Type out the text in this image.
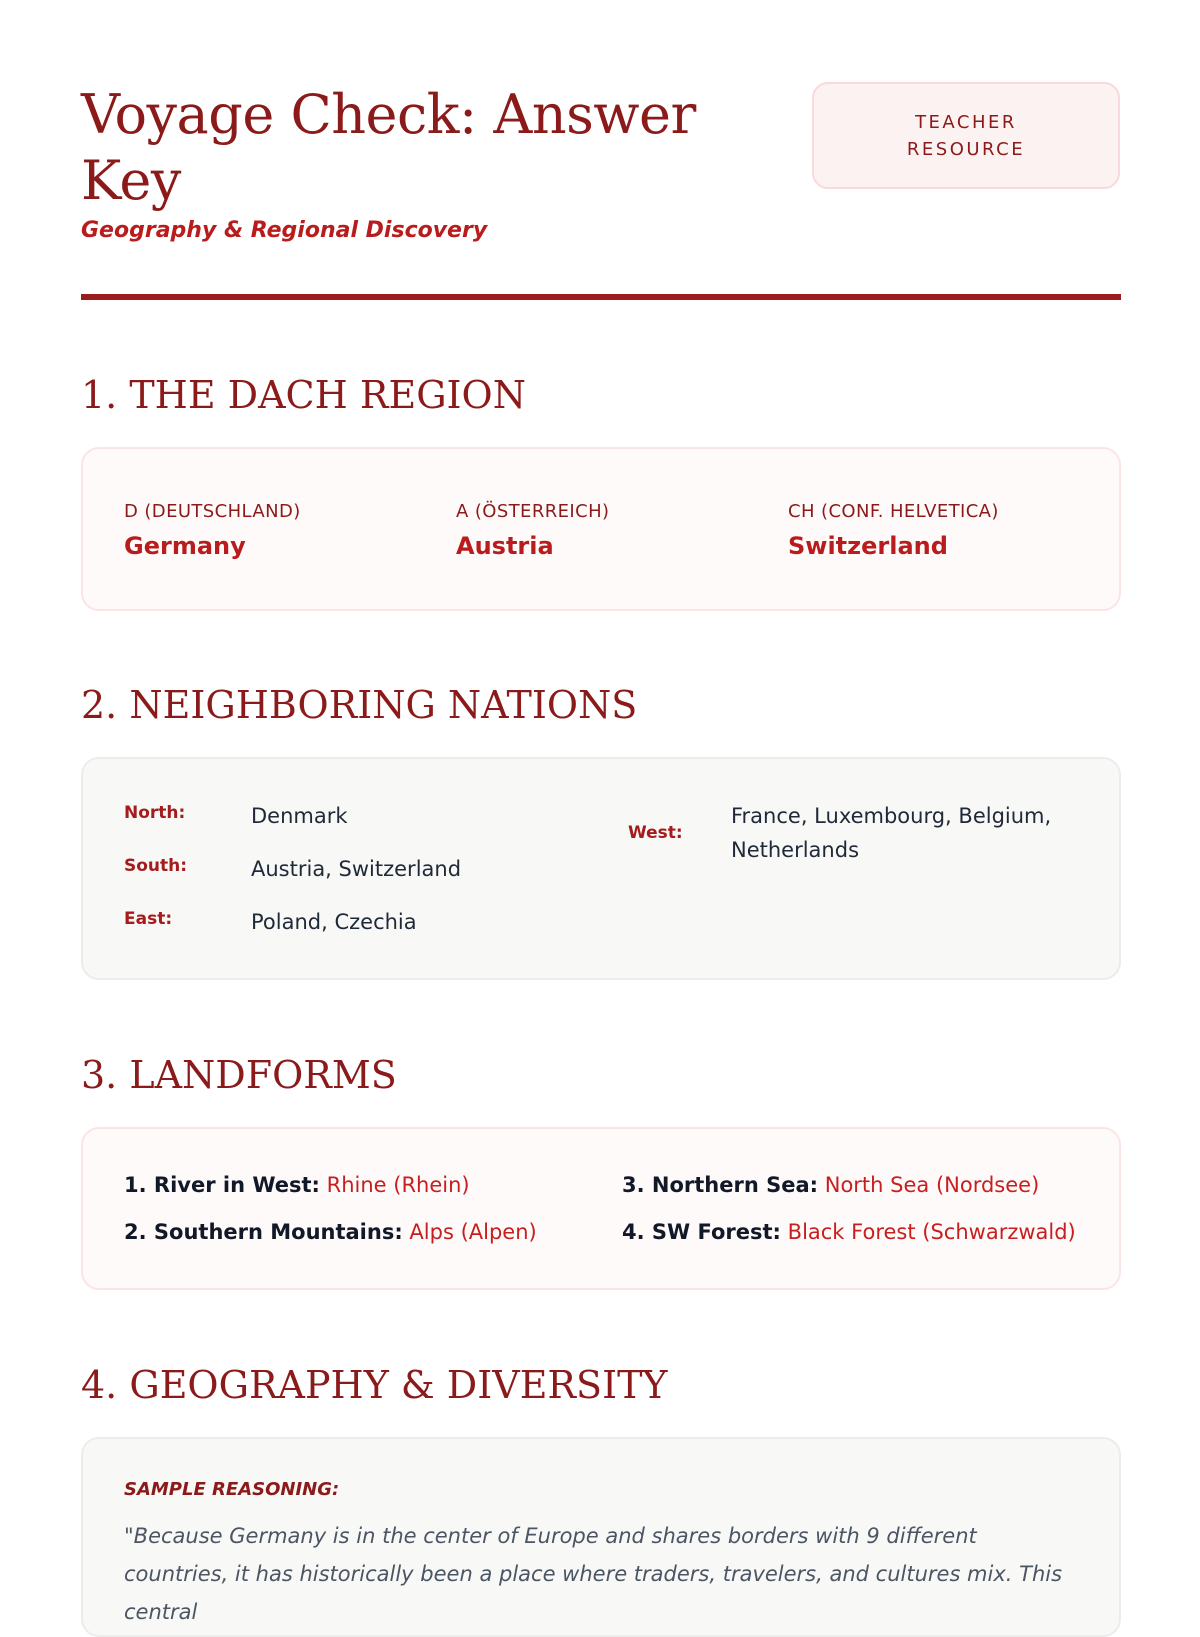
Voyage Check: Answer Key
Geography & Regional Discovery
TEACHER
RESOURCE
1. THE DACH REGION
D (DEUTSCHLAND)
Germany
A (ÖSTERREICH)
Austria
CH (CONF. HELVETICA)
Switzerland
2. NEIGHBORING NATIONS
North:	Denmark
South:	Austria, Switzerland
East:	Poland, Czechia
West:
France, Luxembourg, Belgium, Netherlands
3. LANDFORMS
1. River in West: Rhine (Rhein)
2. Southern Mountains: Alps (Alpen)
3. Northern Sea: North Sea (Nordsee)
4. SW Forest: Black Forest (Schwarzwald)
4. GEOGRAPHY & DIVERSITY
SAMPLE REASONING:

"Because Germany is in the center of Europe and shares borders with 9 different countries, it has historically been a place where traders, travelers, and cultures mix. This central
